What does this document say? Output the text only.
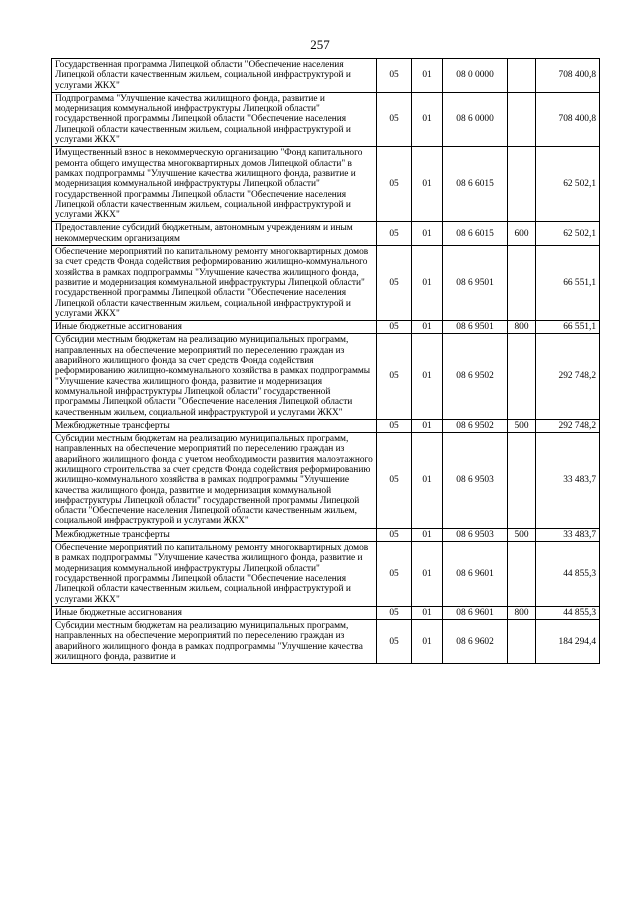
257
Государственная программа Липецкой области "Обеспечение населения Липецкой области качественным жильем, социальной инфраструктурой и услугами ЖКХ"	05	01	08 0 0000		708 400,8
Подпрограмма "Улучшение качества жилищного фонда, развитие и модернизация коммунальной инфраструктуры Липецкой области" государственной программы Липецкой области "Обеспечение населения Липецкой области качественным жильем, социальной инфраструктурой и услугами ЖКХ"	05	01	08 6 0000		708 400,8
Имущественный взнос в некоммерческую организацию "Фонд капитального ремонта общего имущества многоквартирных домов Липецкой области" в рамках подпрограммы "Улучшение качества жилищного фонда, развитие и модернизация коммунальной инфраструктуры Липецкой области" государственной программы Липецкой области "Обеспечение населения Липецкой области качественным жильем, социальной инфраструктурой и услугами ЖКХ"	05	01	08 6 6015		62 502,1
Предоставление субсидий бюджетным, автономным учреждениям и иным некоммерческим организациям	05	01	08 6 6015	600	62 502,1
Обеспечение мероприятий по капитальному ремонту многоквартирных домов за счет средств Фонда содействия реформированию жилищно-коммунального хозяйства в рамках подпрограммы "Улучшение качества жилищного фонда, развитие и модернизация коммунальной инфраструктуры Липецкой области" государственной программы Липецкой области "Обеспечение населения Липецкой области качественным жильем, социальной инфраструктурой и услугами ЖКХ"	05	01	08 6 9501		66 551,1
Иные бюджетные ассигнования	05	01	08 6 9501	800	66 551,1
Субсидии местным бюджетам на реализацию муниципальных программ, направленных на обеспечение мероприятий по переселению граждан из аварийного жилищного фонда за счет средств Фонда содействия реформированию жилищно-коммунального хозяйства в рамках подпрограммы "Улучшение качества жилищного фонда, развитие и модернизация коммунальной инфраструктуры Липецкой области" государственной программы Липецкой области "Обеспечение населения Липецкой области качественным жильем, социальной инфраструктурой и услугами ЖКХ"	05	01	08 6 9502		292 748,2
Межбюджетные трансферты	05	01	08 6 9502	500	292 748,2
Субсидии местным бюджетам на реализацию муниципальных программ, направленных на обеспечение мероприятий по переселению граждан из аварийного жилищного фонда с учетом необходимости развития малоэтажного жилищного строительства за счет средств Фонда содействия реформированию жилищно-коммунального хозяйства в рамках подпрограммы "Улучшение качества жилищного фонда, развитие и модернизация коммунальной инфраструктуры Липецкой области" государственной программы Липецкой области "Обеспечение населения Липецкой области качественным жильем, социальной инфраструктурой и услугами ЖКХ"	05	01	08 6 9503		33 483,7
Межбюджетные трансферты	05	01	08 6 9503	500	33 483,7
Обеспечение мероприятий по капитальному ремонту многоквартирных домов в рамках подпрограммы "Улучшение качества жилищного фонда, развитие и модернизация коммунальной инфраструктуры Липецкой области" государственной программы Липецкой области "Обеспечение населения Липецкой области качественным жильем, социальной инфраструктурой и услугами ЖКХ"	05	01	08 6 9601		44 855,3
Иные бюджетные ассигнования	05	01	08 6 9601	800	44 855,3
Субсидии местным бюджетам на реализацию муниципальных программ, направленных на обеспечение мероприятий по переселению граждан из аварийного жилищного фонда в рамках подпрограммы "Улучшение качества жилищного фонда, развитие и	05	01	08 6 9602		184 294,4
